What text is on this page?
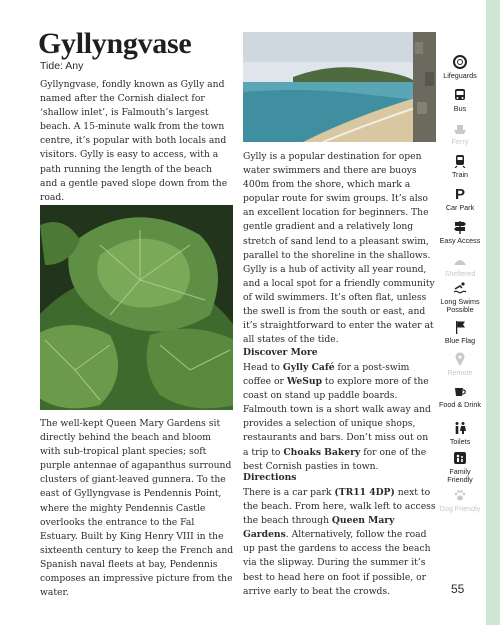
Gyllyngvase
Tide: Any

Gyllyngvase, fondly known as Gylly and named after the Cornish dialect for ‘shallow inlet’, is Falmouth’s largest beach. A 15-minute walk from the town centre, it’s popular with both locals and visitors. Gylly is easy to access, with a path running the length of the beach and a gentle paved slope down from the road.

The well-kept Queen Mary Gardens sit directly behind the beach and bloom with sub-tropical plant species; soft purple antennae of agapanthus surround clusters of giant-leaved gunnera. To the east of Gyllyngvase is Pendennis Point, where the mighty Pendennis Castle overlooks the entrance to the Fal Estuary. Built by King Henry VIII in the sixteenth century to keep the French and Spanish naval fleets at bay, Pendennis composes an impressive picture from the water.

Gylly is a popular destination for open water swimmers and there are buoys 400m from the shore, which mark a popular route for swim groups. It’s also an excellent location for beginners. The gentle gradient and a relatively long stretch of sand lend to a pleasant swim, parallel to the shoreline in the shallows. Gylly is a hub of activity all year round, and a local spot for a friendly community of wild swimmers. It’s often flat, unless the swell is from the south or east, and it’s straightforward to enter the water at all states of the tide.

Discover More

Head to Gylly Café for a post-swim coffee or WeSup to explore more of the coast on stand up paddle boards. Falmouth town is a short walk away and provides a selection of unique shops, restaurants and bars. Don’t miss out on a trip to Choaks Bakery for one of the best Cornish pasties in town.

Directions

There is a car park (TR11 4DP) next to the beach. From here, walk left to access the beach through Queen Mary Gardens. Alternatively, follow the road up past the gardens to access the beach via the slipway. During the summer it’s best to head here on foot if possible, or arrive early to beat the crowds.

Lifeguards
Bus
Ferry
Train
P
Car Park
Easy Access
Sheltered
Long Swims Possible
Blue Flag
Remote
Food & Drink
Toilets
Family Friendly
Dog Friendly
55
